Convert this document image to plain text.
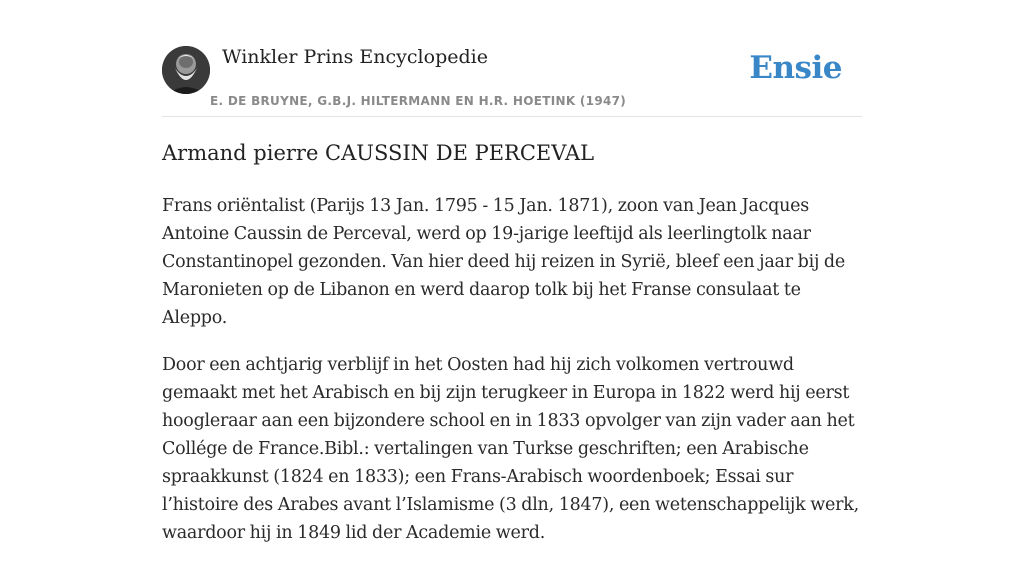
Winkler Prins Encyclopedie
E. DE BRUYNE, G.B.J. HILTERMANN EN H.R. HOETINK (1947)
Ensie
Armand pierre CAUSSIN DE PERCEVAL

Frans oriëntalist (Parijs 13 Jan. 1795 - 15 Jan. 1871), zoon van Jean Jacques Antoine Caussin de Perceval, werd op 19-jarige leeftijd als leerlingtolk naar Constantinopel gezonden. Van hier deed hij reizen in Syrië, bleef een jaar bij de Maronieten op de Libanon en werd daarop tolk bij het Franse consulaat te Aleppo.

Door een achtjarig verblijf in het Oosten had hij zich volkomen vertrouwd gemaakt met het Arabisch en bij zijn terugkeer in Europa in 1822 werd hij eerst hoogleraar aan een bijzondere school en in 1833 opvolger van zijn vader aan het Collége de France.Bibl.: vertalingen van Turkse geschriften; een Arabische spraakkunst (1824 en 1833); een Frans-Arabisch woordenboek; Essai sur l’histoire des Arabes avant l’Islamisme (3 dln, 1847), een wetenschappelijk werk, waardoor hij in 1849 lid der Academie werd.
